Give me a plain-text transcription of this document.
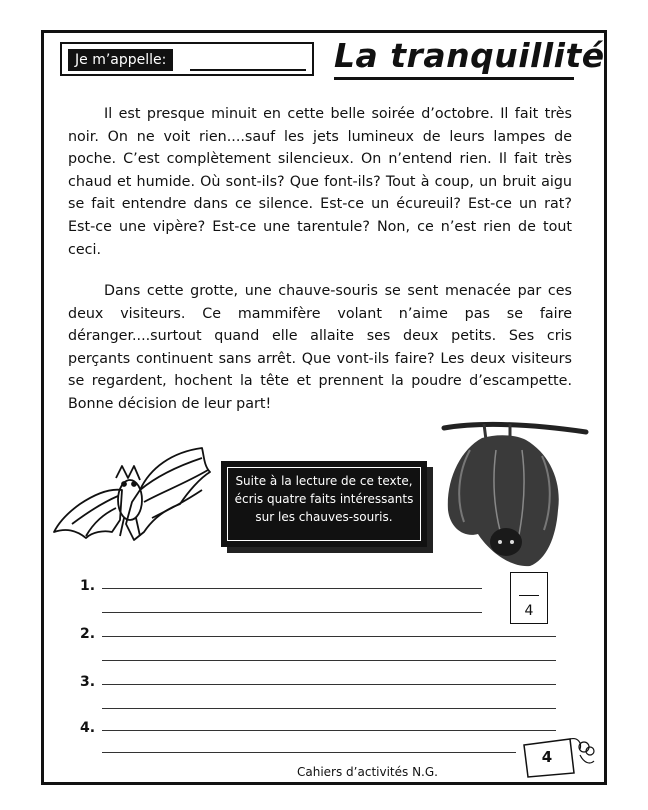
Je m’appelle:	La tranquillité

Il est presque minuit en cette belle soirée d’octobre. Il fait très noir. On ne voit rien....sauf les jets lumineux de leurs lampes de poche. C’est complètement silencieux. On n’entend rien. Il fait très chaud et humide. Où sont-ils? Que font-ils? Tout à coup, un bruit aigu se fait entendre dans ce silence. Est-ce un écureuil? Est-ce un rat? Est-ce une vipère? Est-ce une tarentule? Non, ce n’est rien de tout ceci.

Dans cette grotte, une chauve-souris se sent menacée par ces deux visiteurs. Ce mammifère volant n’aime pas se faire déranger....surtout quand elle allaite ses deux petits. Ses cris perçants continuent sans arrêt. Que vont-ils faire? Les deux visiteurs se regardent, hochent la tête et prennent la poudre d’escampette. Bonne décision de leur part!

Suite à la lecture de ce texte, écris quatre faits intéressants sur les chauves-souris.
1.
2.
3.
4.
4
Cahiers d’activités N.G.
4
